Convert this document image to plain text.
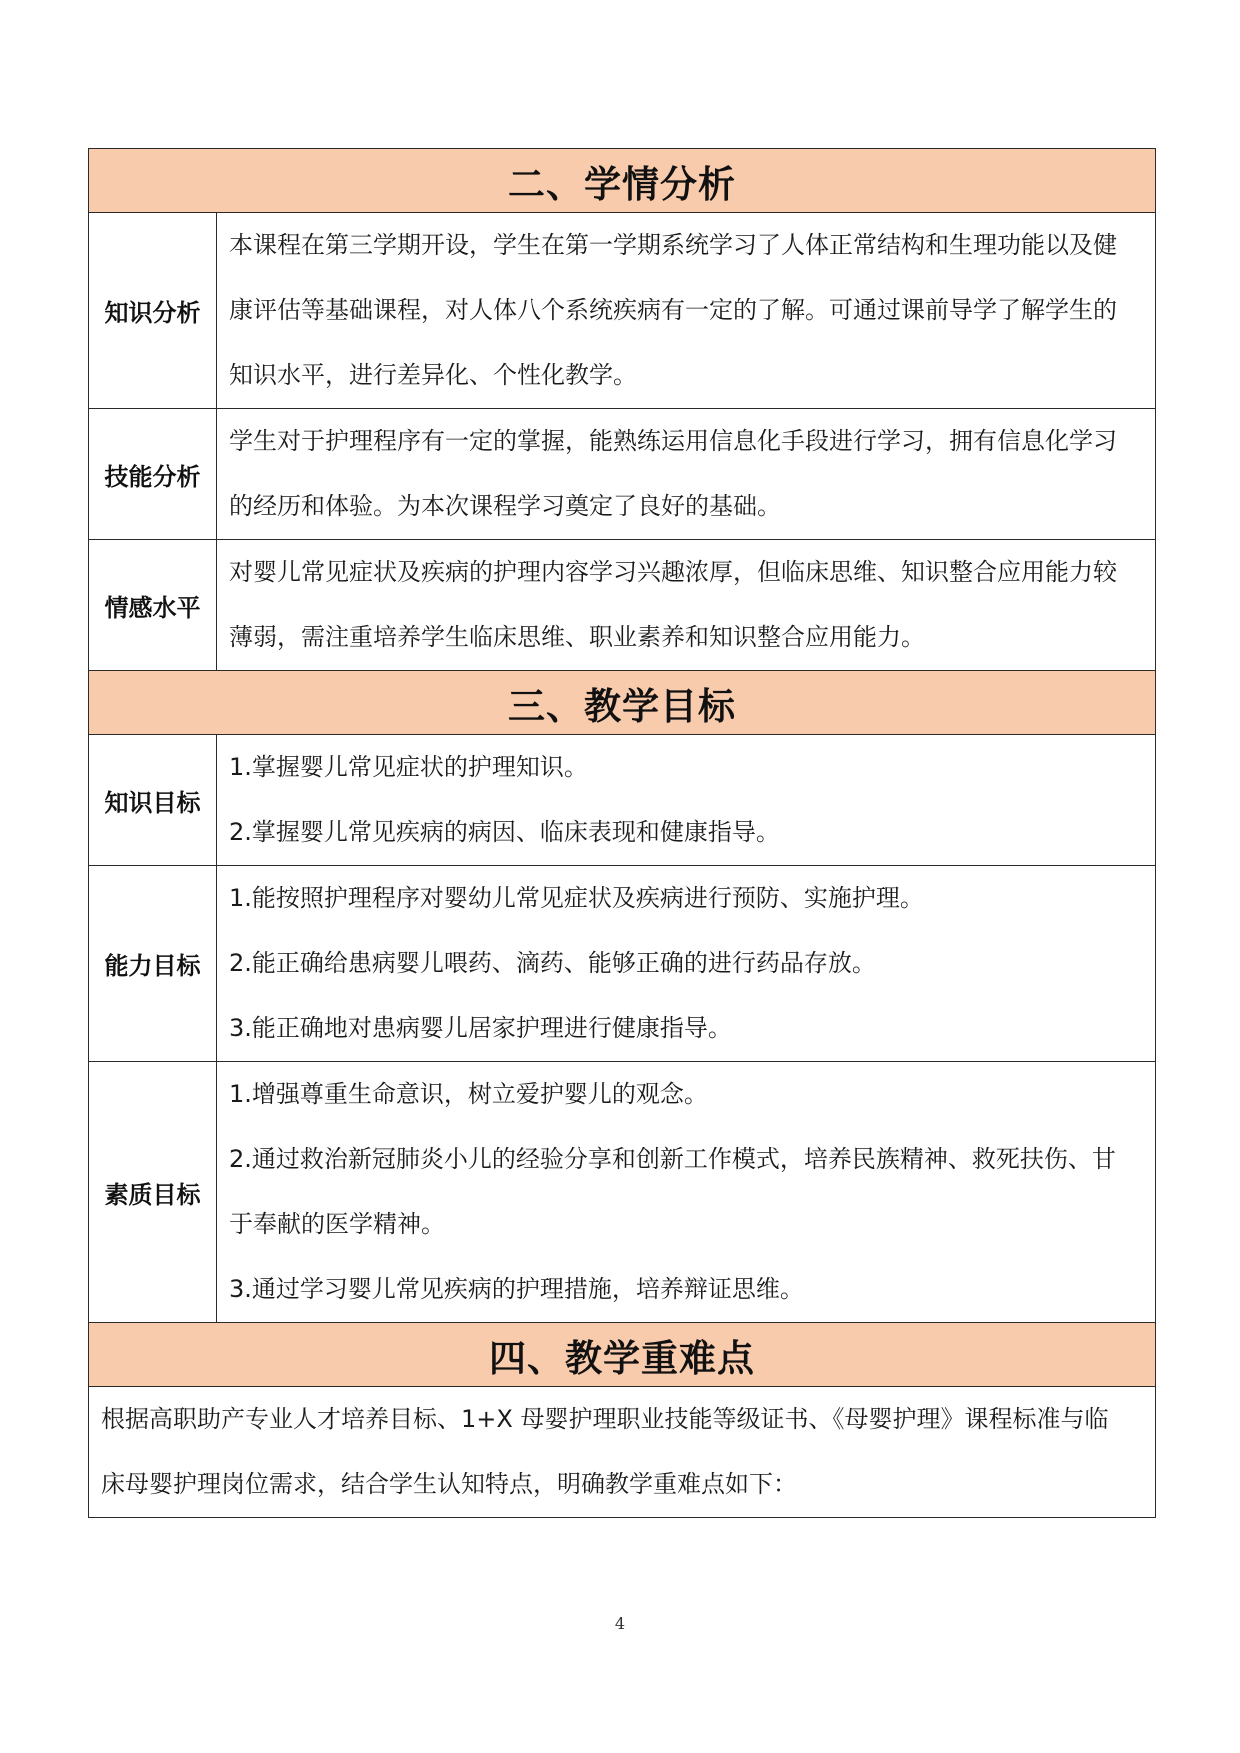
二、学情分析	
知识分析	本课程在第三学期开设，学生在第一学期系统学习了人体正常结构和生理功能以及健
康评估等基础课程，对人体八个系统疾病有一定的了解。可通过课前导学了解学生的
知识水平，进行差异化、个性化教学。

技能分析	学生对于护理程序有一定的掌握，能熟练运用信息化手段进行学习，拥有信息化学习
的经历和体验。为本次课程学习奠定了良好的基础。

情感水平	对婴儿常见症状及疾病的护理内容学习兴趣浓厚，但临床思维、知识整合应用能力较
薄弱，需注重培养学生临床思维、职业素养和知识整合应用能力。

三、教学目标	
知识目标	1.掌握婴儿常见症状的护理知识。
2.掌握婴儿常见疾病的病因、临床表现和健康指导。

能力目标	1.能按照护理程序对婴幼儿常见症状及疾病进行预防、实施护理。
2.能正确给患病婴儿喂药、滴药、能够正确的进行药品存放。
3.能正确地对患病婴儿居家护理进行健康指导。

素质目标	1.增强尊重生命意识，树立爱护婴儿的观念。
2.通过救治新冠肺炎小儿的经验分享和创新工作模式，培养民族精神、救死扶伤、甘
于奉献的医学精神。
3.通过学习婴儿常见疾病的护理措施，培养辩证思维。

四、教学重难点	

根据高职助产专业人才培养目标、1+X 母婴护理职业技能等级证书、《母婴护理》课程标准与临
床母婴护理岗位需求，结合学生认知特点，明确教学重难点如下：	
4
